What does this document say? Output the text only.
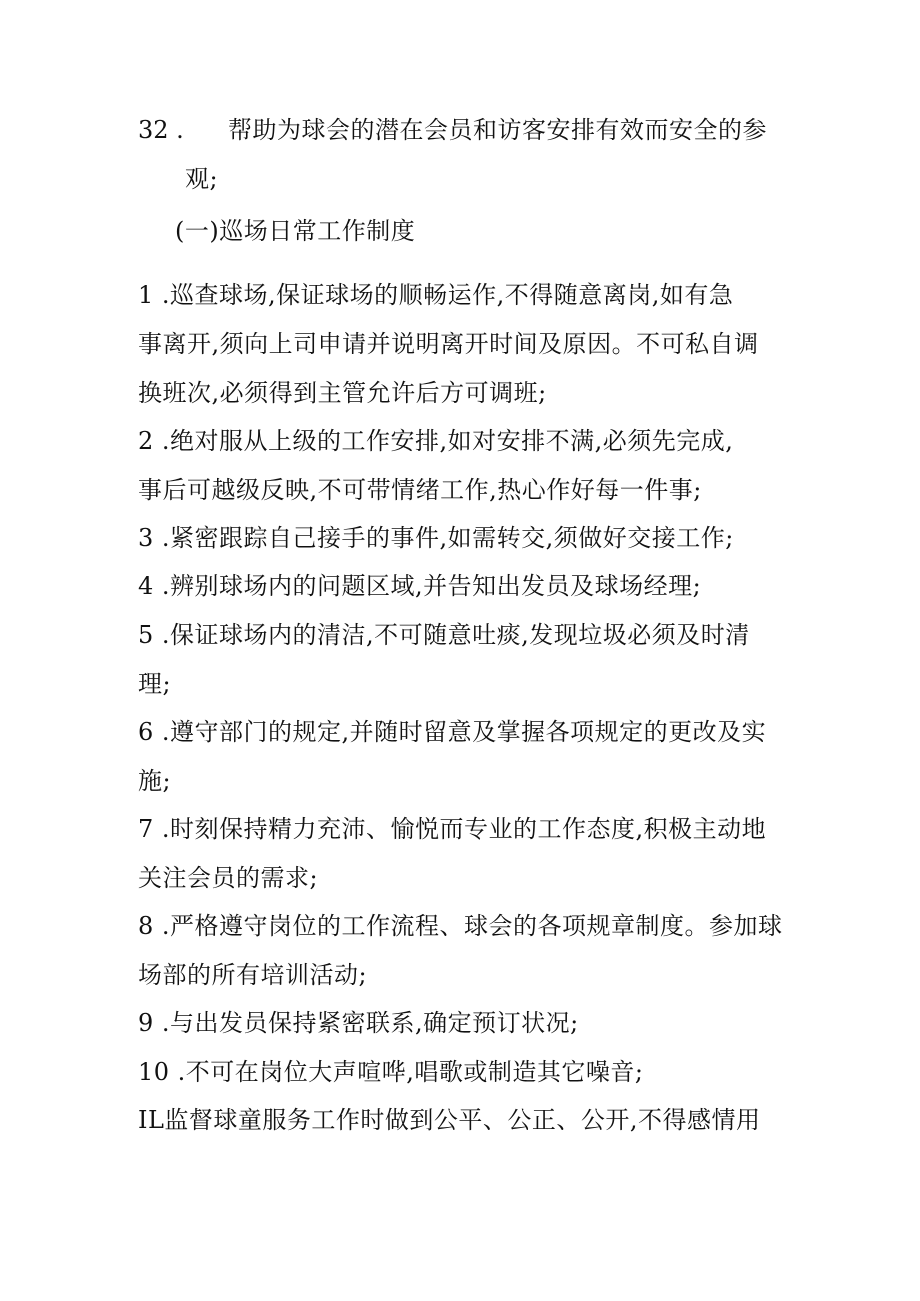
32 . 帮助为球会的潜在会员和访客安排有效而安全的参
观;
(一)巡场日常工作制度
1 .巡查球场,保证球场的顺畅运作,不得随意离岗,如有急
事离开,须向上司申请并说明离开时间及原因。不可私自调
换班次,必须得到主管允许后方可调班;
2 .绝对服从上级的工作安排,如对安排不满,必须先完成,
事后可越级反映,不可带情绪工作,热心作好每一件事;
3 .紧密跟踪自己接手的事件,如需转交,须做好交接工作;
4 .辨别球场内的问题区域,并告知出发员及球场经理;
5 .保证球场内的清洁,不可随意吐痰,发现垃圾必须及时清
理;
6 .遵守部门的规定,并随时留意及掌握各项规定的更改及实
施;
7 .时刻保持精力充沛、愉悦而专业的工作态度,积极主动地
关注会员的需求;
8 .严格遵守岗位的工作流程、球会的各项规章制度。参加球
场部的所有培训活动;
9 .与出发员保持紧密联系,确定预订状况;
10 .不可在岗位大声喧哗,唱歌或制造其它噪音;
IL监督球童服务工作时做到公平、公正、公开,不得感情用
